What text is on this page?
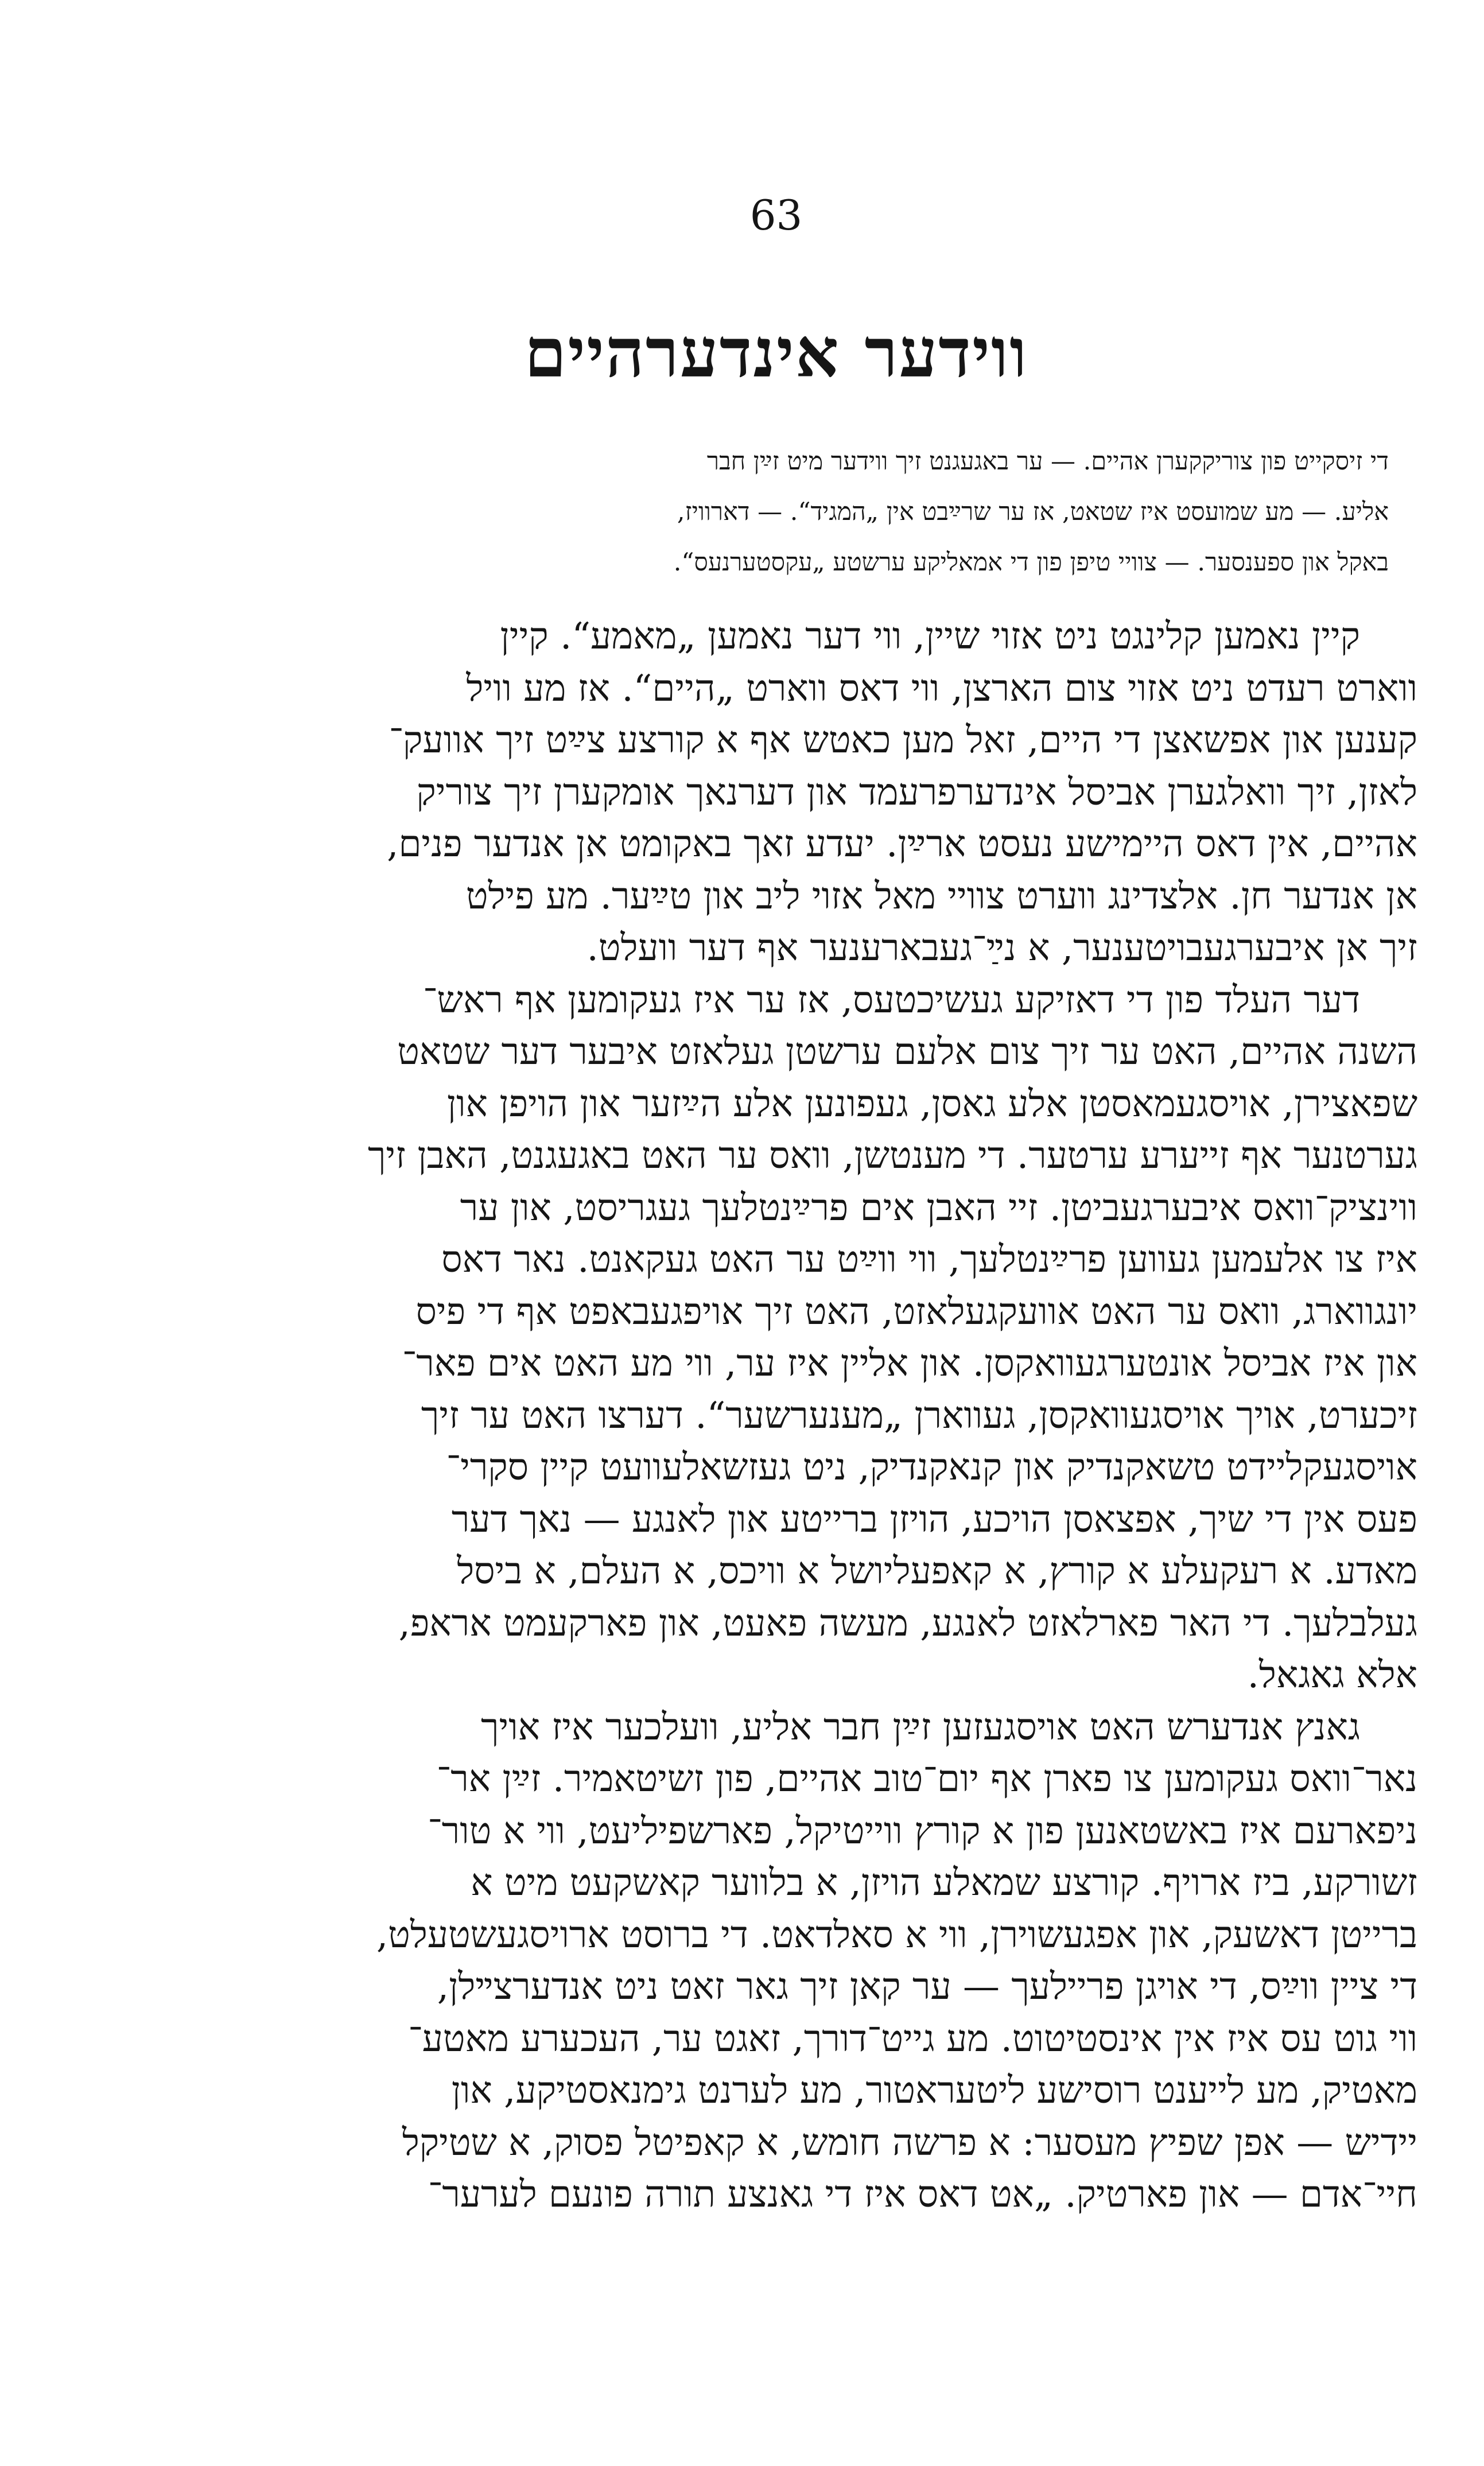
63
ווידער אינדערהיים
די זיסקייט פון צוריקקערן אהיים. — ער באגעגנט זיך ווידער מיט זײַן חבר
אליע. — מע שמועסט איז שטאט, אז ער שרײַבט אין „המגיד“. — דארוויז,
באקל און ספענסער. — צוויי טיפן פון די אמאליקע ערשטע „עקסטערנעס“.
קיין נאמען קלינגט ניט אזוי שיין, ווי דער נאמען „מאמע“. קיין
ווארט רעדט ניט אזוי צום הארצן, ווי דאס ווארט „היים“. אז מע וויל
קענען און אפשאצן די היים, זאל מען כאטש אף א קורצע צײַט זיך אוועק־
לאזן, זיך וואלגערן אביסל אינדערפרעמד און דערנאך אומקערן זיך צוריק
אהיים, אין דאס היימישע נעסט ארײַן. יעדע זאך באקומט אן אנדער פנים,
אן אנדער חן. אלצדינג ווערט צוויי מאל אזוי ליב און טײַער. מע פילט
זיך אן איבערגעבויטענער, א נײַ־געבארענער אף דער וועלט.
דער העלד פון די דאזיקע געשיכטעס, אז ער איז געקומען אף ראש־
השנה אהיים, האט ער זיך צום אלעם ערשטן געלאזט איבער דער שטאט
שפאצירן, אויסגעמאסטן אלע גאסן, געפונען אלע הײַזער און הויפן און
גערטנער אף זייערע ערטער. די מענטשן, וואס ער האט באגעגנט, האבן זיך
ווינציק־וואס איבערגעביטן. זיי האבן אים פרײַנטלעך געגריסט, און ער
איז צו אלעמען געווען פרײַנטלעך, ווי ווײַט ער האט געקאנט. נאר דאס
יונגווארג, וואס ער האט אוועקגעלאזט, האט זיך אויפגעבאפט אף די פיס
און איז אביסל אונטערגעוואקסן. און אליין איז ער, ווי מע האט אים פאר־
זיכערט, אויך אויסגעוואקסן, געווארן „מענערשער“. דערצו האט ער זיך
אויסגעקליידט טשאקנדיק און קנאקנדיק, ניט געזשאלעוועט קיין סקרי־
פעס אין די שיך, אפצאסן הויכע, הויזן ברייטע און לאנגע — נאך דער
מאדע. א רעקעלע א קורץ, א קאפעליושל א וויכס, א העלם, א ביסל
געלבלעך. די האר פארלאזט לאנגע, מעשה פאעט, און פארקעמט אראפ,
אלא גאגאל.
גאנץ אנדערש האט אויסגעזען זײַן חבר אליע, וועלכער איז אויך
נאר־וואס געקומען צו פארן אף יום־טוב אהיים, פון זשיטאמיר. זײַן אר־
ניפארעם איז באשטאנען פון א קורץ ווייטיקל, פארשפיליעט, ווי א טור־
זשורקע, ביז ארויף. קורצע שמאלע הויזן, א בלווער קאשקעט מיט א
ברייטן דאשעק, און אפגעשוירן, ווי א סאלדאט. די ברוסט ארויסגעשטעלט,
די ציין ווײַס, די אויגן פריילעך — ער קאן זיך גאר זאט ניט אנדערצײלן,
ווי גוט עס איז אין אינסטיטוט. מע גייט־דורך, זאגט ער, העכערע מאטע־
מאטיק, מע לייענט רוסישע ליטעראטור, מע לערנט גימנאסטיקע, און
יידיש — אפן שפיץ מעסער: א פרשה חומש, א קאפיטל פסוק, א שטיקל
חיי־אדם — און פארטיק. „אט דאס איז די גאנצע תורה פונעם לערער־
